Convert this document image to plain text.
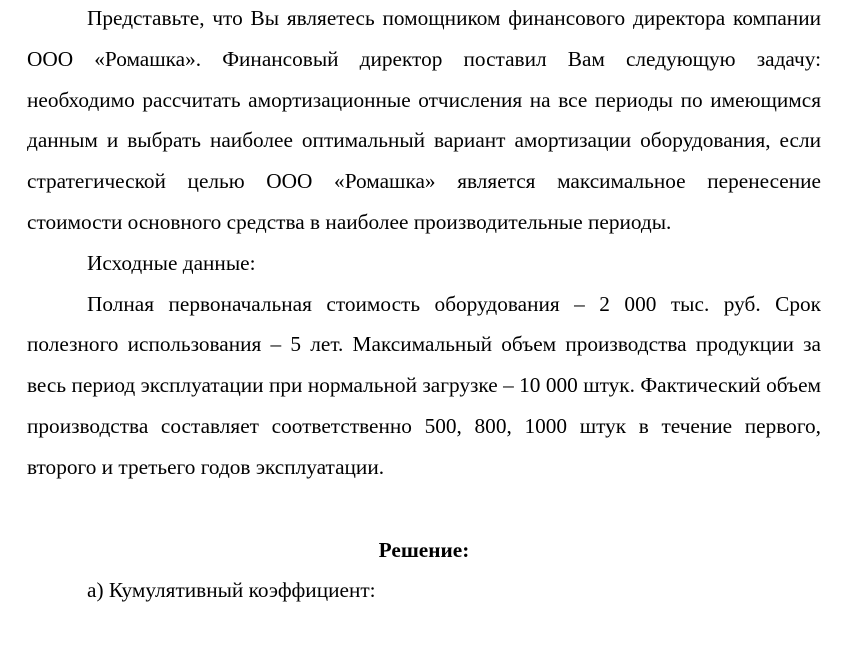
Представьте, что Вы являетесь помощником финансового директора компании ООО «Ромашка». Финансовый директор поставил Вам следующую задачу: необходимо рассчитать амортизационные отчисления на все периоды по имеющимся данным и выбрать наиболее оптимальный вариант амортизации оборудования, если стратегической целью ООО «Ромашка» является максимальное перенесение стоимости основного средства в наиболее производительные периоды.

Исходные данные:

Полная первоначальная стоимость оборудования – 2 000 тыс. руб. Срок полезного использования – 5 лет. Максимальный объем производства продукции за весь период эксплуатации при нормальной загрузке – 10 000 штук. Фактический объем производства составляет соответственно 500, 800, 1000 штук в течение первого, второго и третьего годов эксплуатации.

Решение:

а) Кумулятивный коэффициент:
